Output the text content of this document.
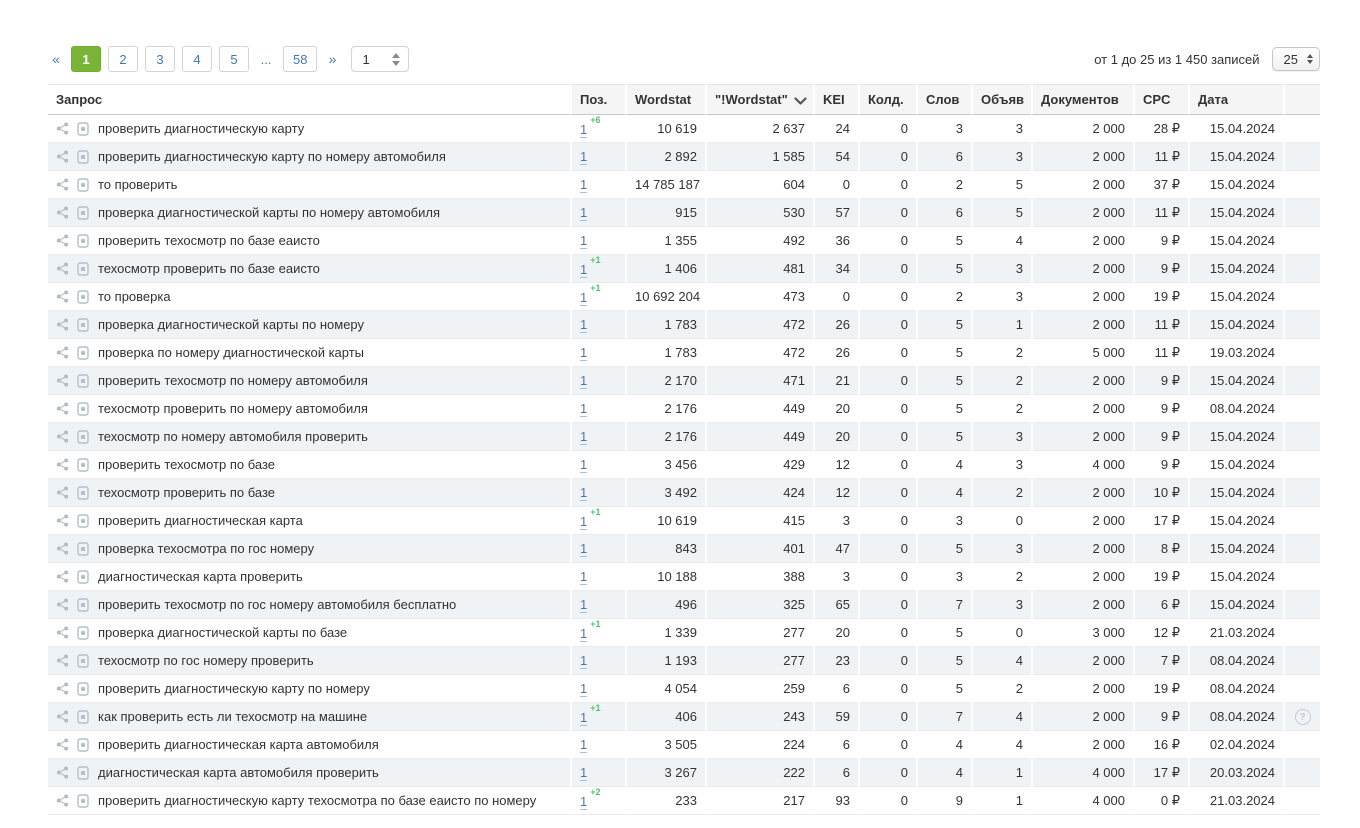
«	1	2	3	4	5	...	58	»	1	от 1 до 25 из 1 450 записей 25
Запрос	Поз.	Wordstat	"!Wordstat"	KEI	Колд.	Слов	Объяв	Документов	CPC	Дата	

проверить диагностическую карту	$1^{+6}$	10 619	2 637	24	0	3	3	2 000	28 ₽	15.04.2024	

проверить диагностическую карту по номеру автомобиля	1	2 892	1 585	54	0	6	3	2 000	11 ₽	15.04.2024	

то проверить	1	14 785 187	604	0	0	2	5	2 000	37 ₽	15.04.2024	

проверка диагностической карты по номеру автомобиля	1	915	530	57	0	6	5	2 000	11 ₽	15.04.2024	

проверить техосмотр по базе еаисто	1	1 355	492	36	0	5	4	2 000	9 ₽	15.04.2024	

техосмотр проверить по базе еаисто	$1^{+1}$	1 406	481	34	0	5	3	2 000	9 ₽	15.04.2024	

то проверка	$1^{+1}$	10 692 204	473	0	0	2	3	2 000	19 ₽	15.04.2024	

проверка диагностической карты по номеру	1	1 783	472	26	0	5	1	2 000	11 ₽	15.04.2024	

проверка по номеру диагностической карты	1	1 783	472	26	0	5	2	5 000	11 ₽	19.03.2024	

проверить техосмотр по номеру автомобиля	1	2 170	471	21	0	5	2	2 000	9 ₽	15.04.2024	

техосмотр проверить по номеру автомобиля	1	2 176	449	20	0	5	2	2 000	9 ₽	08.04.2024	

техосмотр по номеру автомобиля проверить	1	2 176	449	20	0	5	3	2 000	9 ₽	15.04.2024	

проверить техосмотр по базе	1	3 456	429	12	0	4	3	4 000	9 ₽	15.04.2024	

техосмотр проверить по базе	1	3 492	424	12	0	4	2	2 000	10 ₽	15.04.2024	

проверить диагностическая карта	$1^{+1}$	10 619	415	3	0	3	0	2 000	17 ₽	15.04.2024	

проверка техосмотра по гос номеру	1	843	401	47	0	5	3	2 000	8 ₽	15.04.2024	

диагностическая карта проверить	1	10 188	388	3	0	3	2	2 000	19 ₽	15.04.2024	

проверить техосмотр по гос номеру автомобиля бесплатно	1	496	325	65	0	7	3	2 000	6 ₽	15.04.2024	

проверка диагностической карты по базе	$1^{+1}$	1 339	277	20	0	5	0	3 000	12 ₽	21.03.2024	

техосмотр по гос номеру проверить	1	1 193	277	23	0	5	4	2 000	7 ₽	08.04.2024	

проверить диагностическую карту по номеру	1	4 054	259	6	0	5	2	2 000	19 ₽	08.04.2024	

как проверить есть ли техосмотр на машине	$1^{+1}$	406	243	59	0	7	4	2 000	9 ₽	08.04.2024	?

проверить диагностическая карта автомобиля	1	3 505	224	6	0	4	4	2 000	16 ₽	02.04.2024	

диагностическая карта автомобиля проверить	1	3 267	222	6	0	4	1	4 000	17 ₽	20.03.2024	

проверить диагностическую карту техосмотра по базе еаисто по номеру	$1^{+2}$	233	217	93	0	9	1	4 000	0 ₽	21.03.2024	
